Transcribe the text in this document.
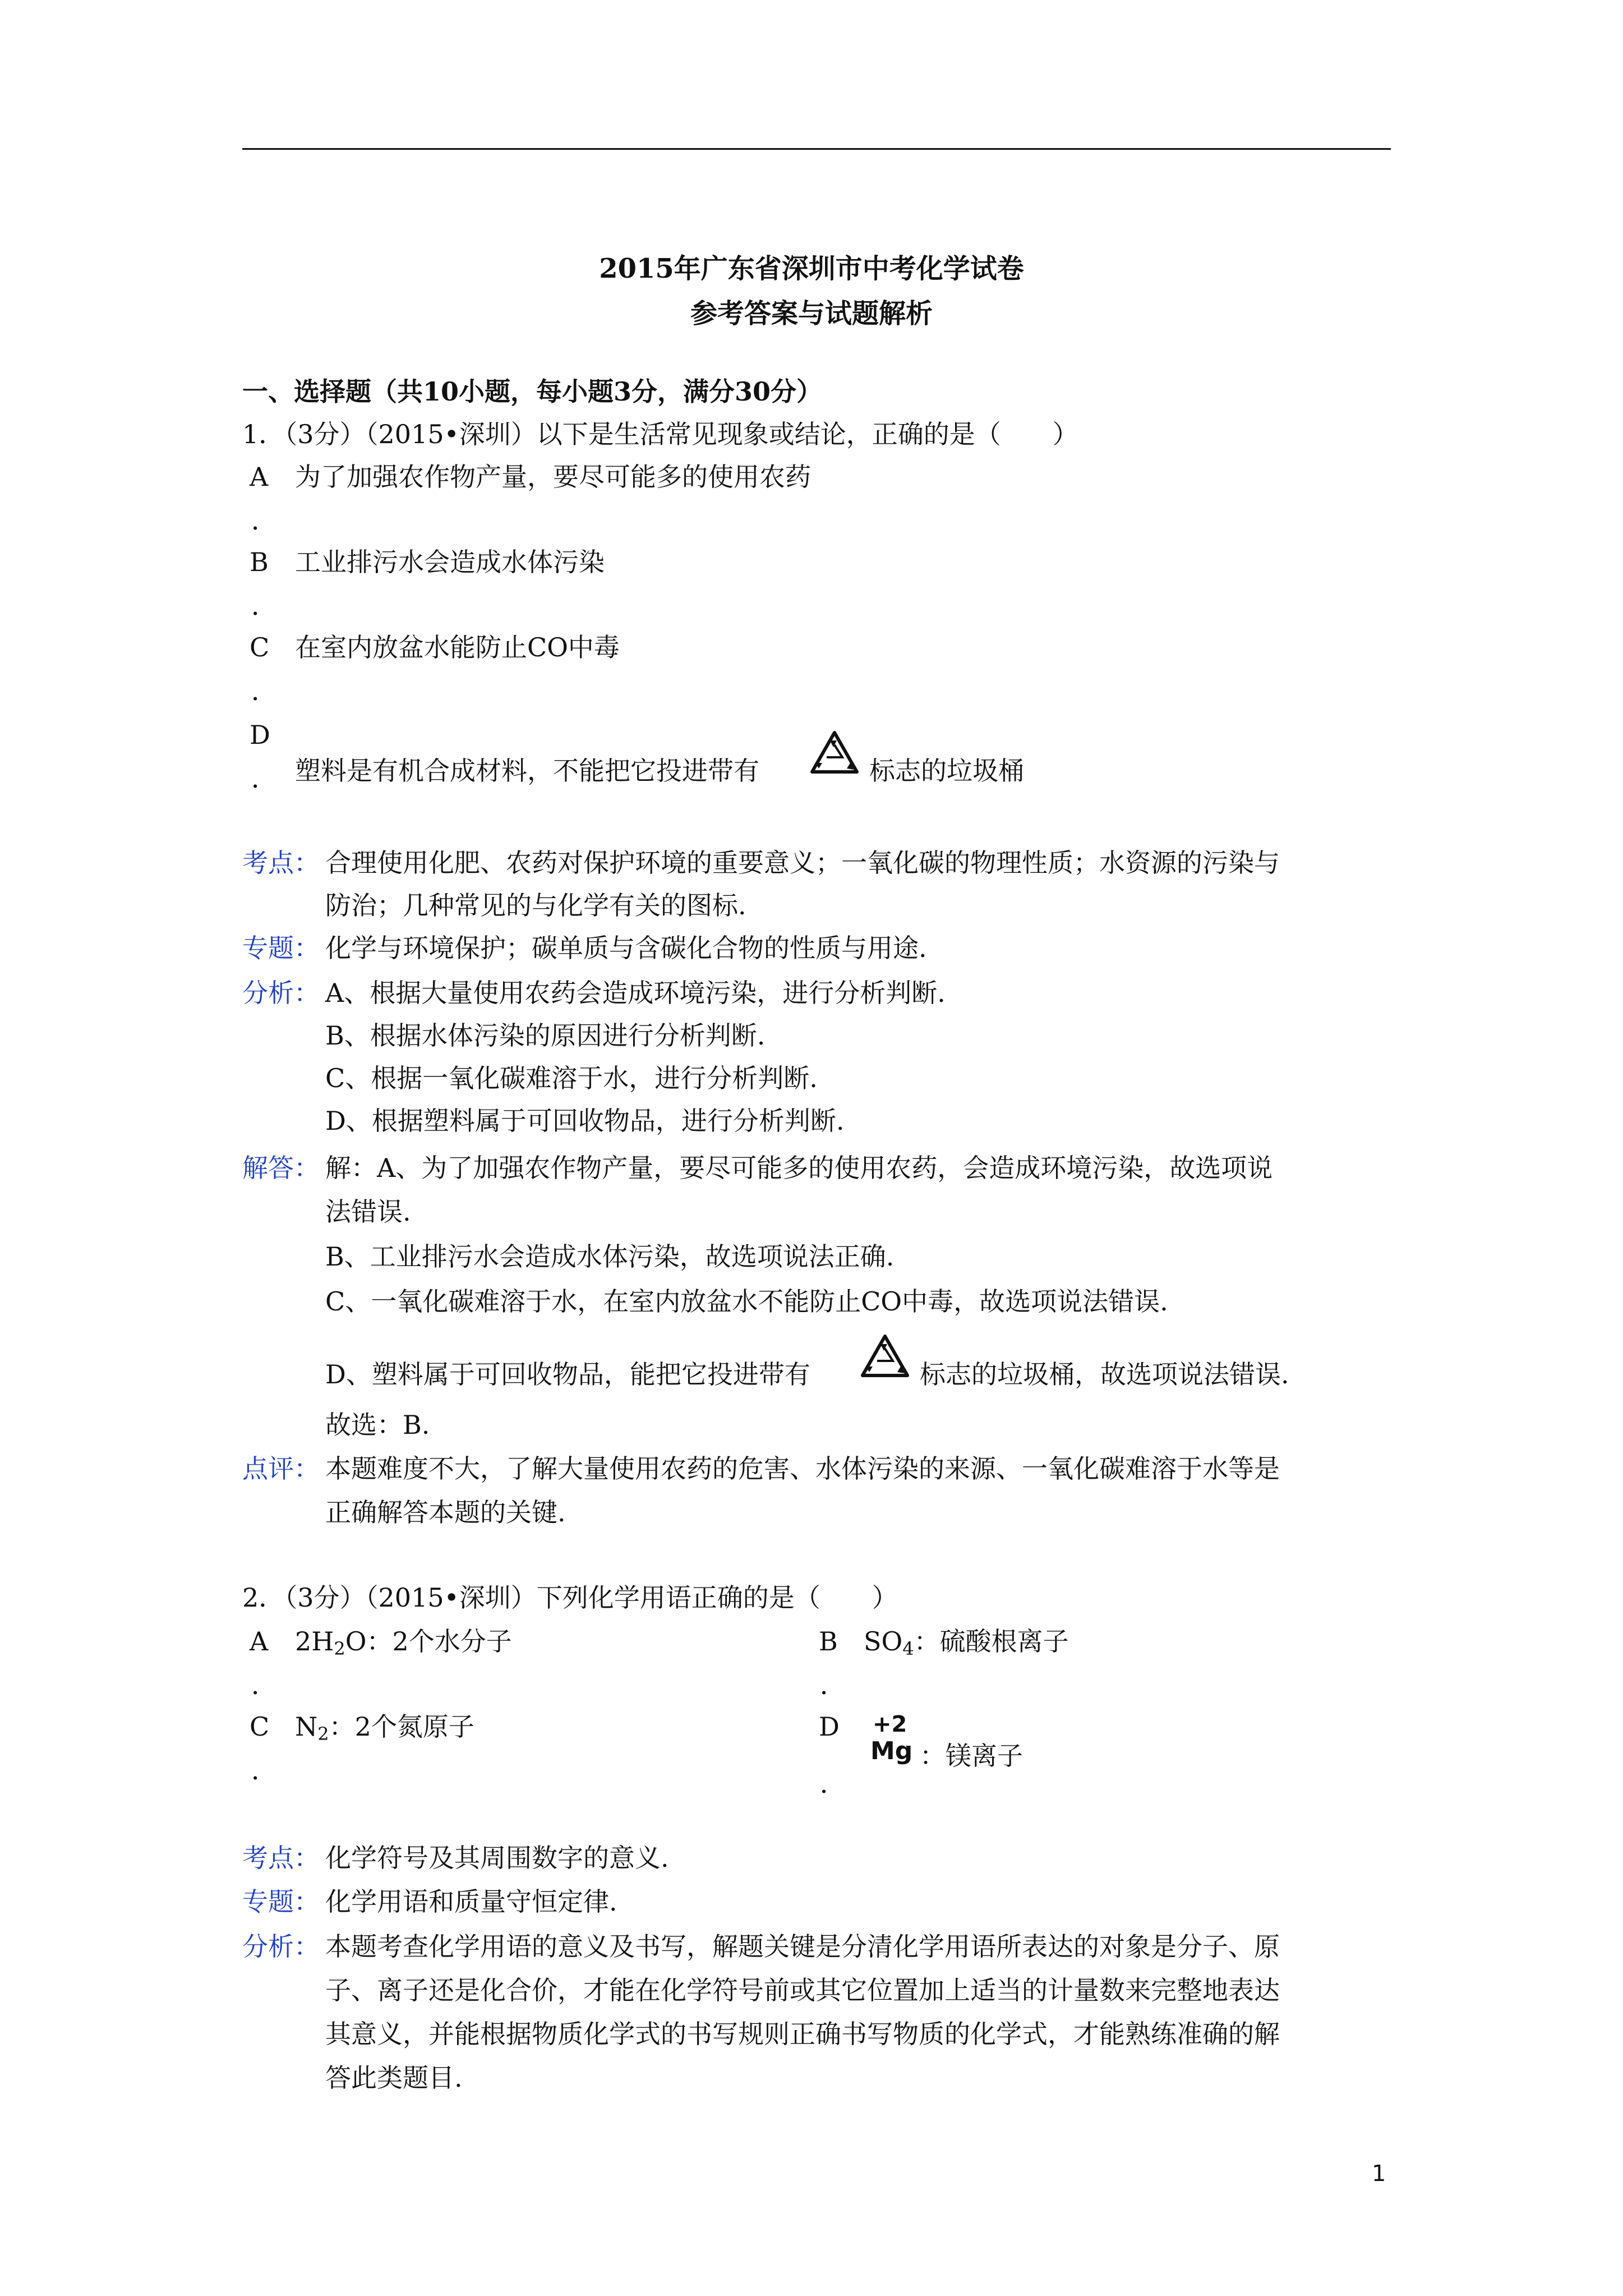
2015年广东省深圳市中考化学试卷
参考答案与试题解析
一、选择题（共10小题，每小题3分，满分30分）
1．（3分）（2015•深圳）以下是生活常见现象或结论，正确的是（　　）
A 为了加强农作物产量，要尽可能多的使用农药
．
B 工业排污水会造成水体污染
．
C 在室内放盆水能防止CO中毒
．
D
． 塑料是有机合成材料，不能把它投进带有	标志的垃圾桶
考点： 合理使用化肥、农药对保护环境的重要意义；一氧化碳的物理性质；水资源的污染与
防治；几种常见的与化学有关的图标.
专题： 化学与环境保护；碳单质与含碳化合物的性质与用途.
分析： A、根据大量使用农药会造成环境污染，进行分析判断.
B、根据水体污染的原因进行分析判断.
C、根据一氧化碳难溶于水，进行分析判断.
D、根据塑料属于可回收物品，进行分析判断.
解答： 解：A、为了加强农作物产量，要尽可能多的使用农药，会造成环境污染，故选项说
法错误.
B、工业排污水会造成水体污染，故选项说法正确.
C、一氧化碳难溶于水，在室内放盆水不能防止CO中毒，故选项说法错误.
D、塑料属于可回收物品，能把它投进带有	标志的垃圾桶，故选项说法错误.
故选：B.
点评： 本题难度不大，了解大量使用农药的危害、水体污染的来源、一氧化碳难溶于水等是
正确解答本题的关键.
2．（3分）（2015•深圳）下列化学用语正确的是（　　）
A $2H_2O$：2个水分子
．
B $SO_4$：硫酸根离子
．
C $N_2$：2个氮原子
．
D +2
Mg ：镁离子
．
考点： 化学符号及其周围数字的意义.
专题： 化学用语和质量守恒定律.
分析： 本题考查化学用语的意义及书写，解题关键是分清化学用语所表达的对象是分子、原
子、离子还是化合价，才能在化学符号前或其它位置加上适当的计量数来完整地表达
其意义，并能根据物质化学式的书写规则正确书写物质的化学式，才能熟练准确的解
答此类题目.
1
